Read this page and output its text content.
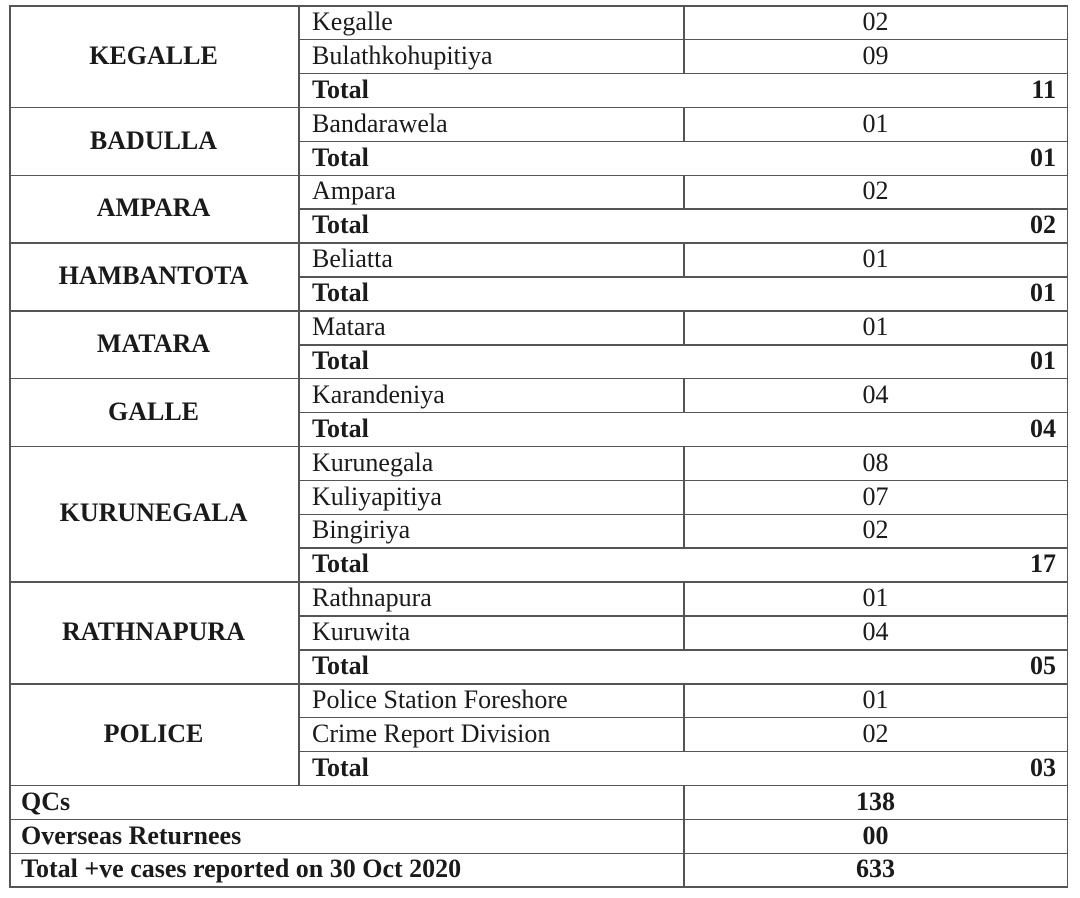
KEGALLE
Kegalle	02
Bulathkohupitiya	09
Total	11
BADULLA
Bandarawela	01
Total	01
AMPARA
Ampara	02
Total	02
HAMBANTOTA
Beliatta	01
Total	01
MATARA
Matara	01
Total	01
GALLE
Karandeniya	04
Total	04
KURUNEGALA
Kurunegala	08
Kuliyapitiya	07
Bingiriya	02
Total	17
RATHNAPURA
Rathnapura	01
Kuruwita	04
Total	05
POLICE
Police Station Foreshore	01
Crime Report Division	02
Total	03
QCs	138
Overseas Returnees	00
Total +ve cases reported on 30 Oct 2020	633
